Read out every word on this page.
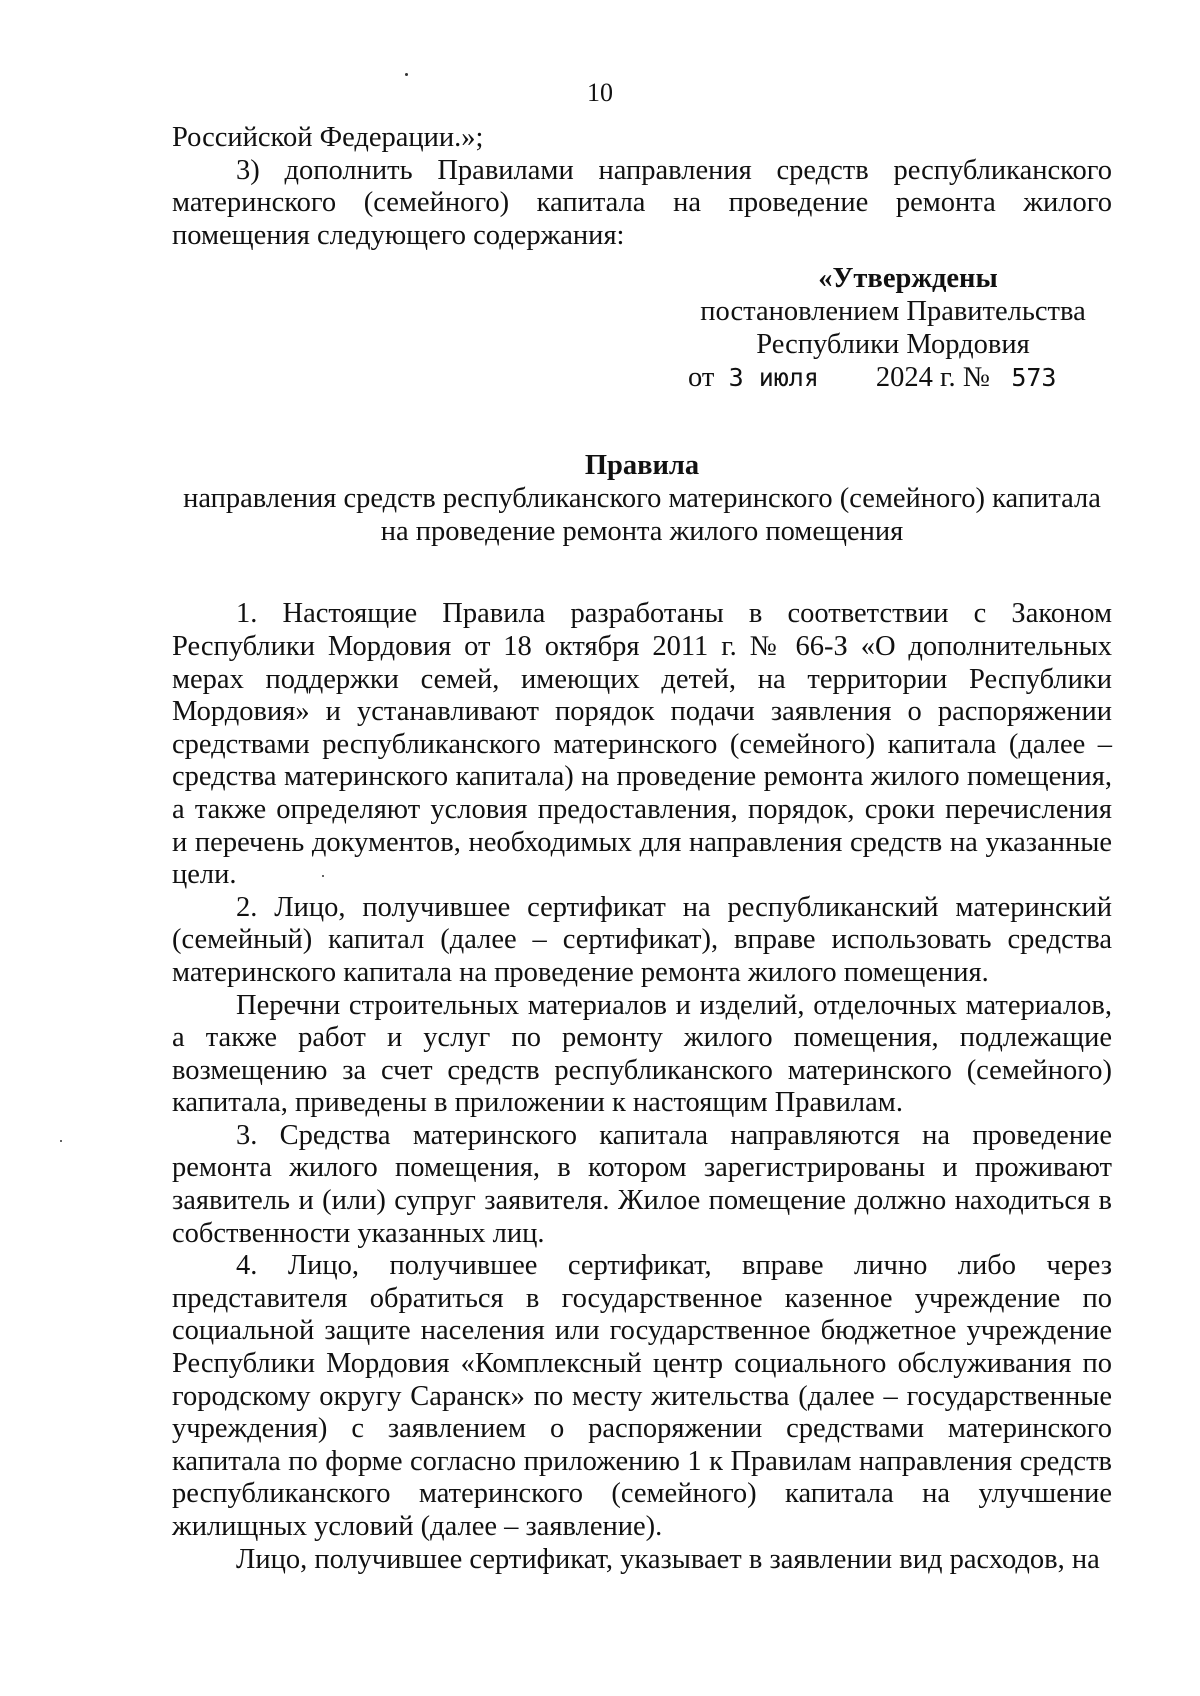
10

Российской Федерации.»;

3) дополнить Правилами направления средств республиканского материнского (семейного) капитала на проведение ремонта жилого помещения следующего содержания:

«Утверждены
постановлением Правительства
Республики Мордовия
от 3 июля 2024 г. № 573
Правила
направления средств республиканского материнского (семейного) капитала
на проведение ремонта жилого помещения

1. Настоящие Правила разработаны в соответствии с Законом Республики Мордовия от 18 октября 2011 г. № 66-З «О дополнительных мерах поддержки семей, имеющих детей, на территории Республики Мордовия» и устанавливают порядок подачи заявления о распоряжении средствами республиканского материнского (семейного) капитала (далее – средства материнского капитала) на проведение ремонта жилого помещения, а также определяют условия предоставления, порядок, сроки перечисления и перечень документов, необходимых для направления средств на указанные цели.

2. Лицо, получившее сертификат на республиканский материнский (семейный) капитал (далее – сертификат), вправе использовать средства материнского капитала на проведение ремонта жилого помещения.

Перечни строительных материалов и изделий, отделочных материалов, а также работ и услуг по ремонту жилого помещения, подлежащие возмещению за счет средств республиканского материнского (семейного) капитала, приведены в приложении к настоящим Правилам.

3. Средства материнского капитала направляются на проведение ремонта жилого помещения, в котором зарегистрированы и проживают заявитель и (или) супруг заявителя. Жилое помещение должно находиться в собственности указанных лиц.

4. Лицо, получившее сертификат, вправе лично либо через представителя обратиться в государственное казенное учреждение по социальной защите населения или государственное бюджетное учреждение Республики Мордовия «Комплексный центр социального обслуживания по городскому округу Саранск» по месту жительства (далее – государственные учреждения) с заявлением о распоряжении средствами материнского капитала по форме согласно приложению 1 к Правилам направления средств республиканского материнского (семейного) капитала на улучшение жилищных условий (далее – заявление).

Лицо, получившее сертификат, указывает в заявлении вид расходов, на
